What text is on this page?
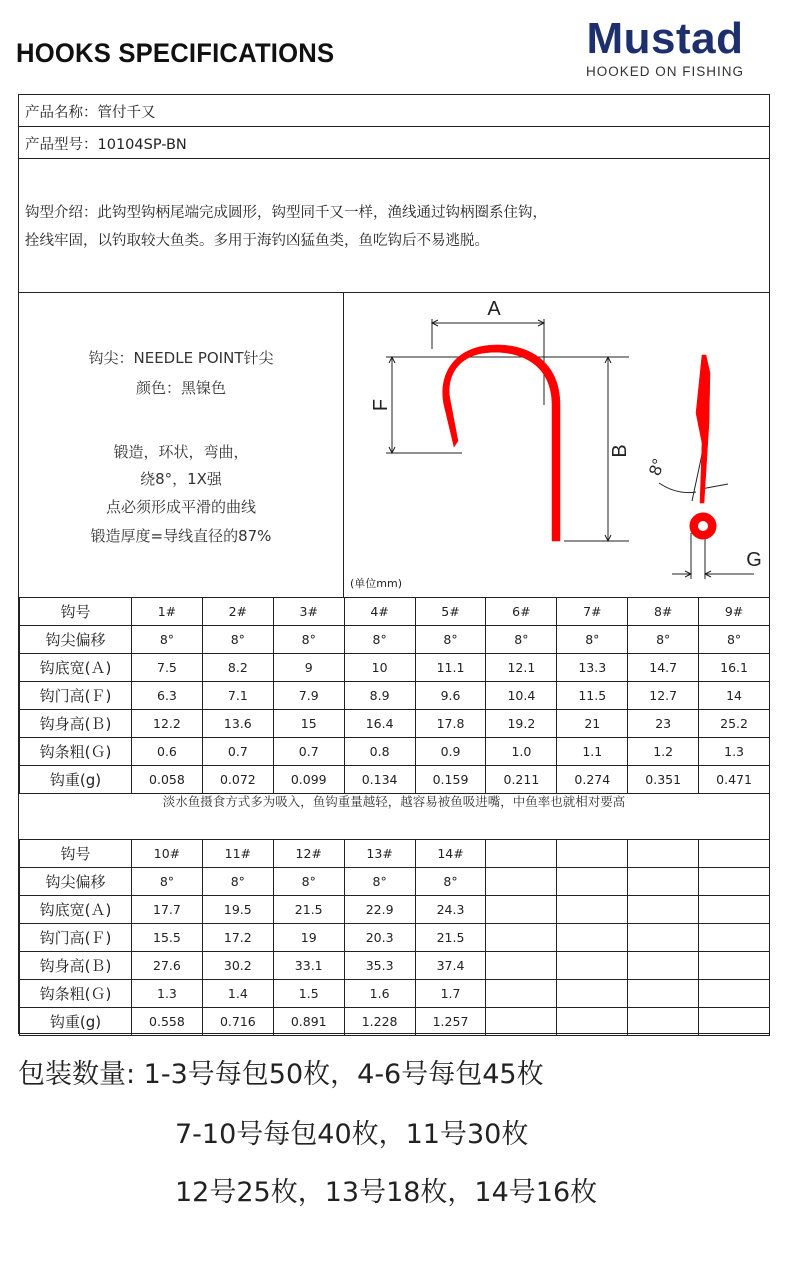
HOOKS SPECIFICATIONS	Mustad
HOOKED ON FISHING
产品名称：管付千又
产品型号：10104SP-BN
钩型介绍：此钩型钩柄尾端完成圆形，钩型同千又一样，渔线通过钩柄圈系住钩，
拴线牢固，以钓取较大鱼类。多用于海钓凶猛鱼类，鱼吃钩后不易逃脱。
钩尖：NEEDLE POINT针尖
颜色：黑镍色
锻造，环状，弯曲，
绕8°，1X强
点必须形成平滑的曲线
锻造厚度=导线直径的87%
A
B
F
G
8°
(单位mm)
钩号	1#	2#	3#	4#	5#	6#	7#	8#	9#
钩尖偏移	8°	8°	8°	8°	8°	8°	8°	8°	8°
钩底宽(Ａ)	7.5	8.2	9	10	11.1	12.1	13.3	14.7	16.1
钩门高(Ｆ)	6.3	7.1	7.9	8.9	9.6	10.4	11.5	12.7	14
钩身高(Ｂ)	12.2	13.6	15	16.4	17.8	19.2	21	23	25.2
钩条粗(Ｇ)	0.6	0.7	0.7	0.8	0.9	1.0	1.1	1.2	1.3
钩重(g)	0.058	0.072	0.099	0.134	0.159	0.211	0.274	0.351	0.471
淡水鱼摄食方式多为吸入，鱼钩重量越轻，越容易被鱼吸进嘴，中鱼率也就相对要高
钩号	10#	11#	12#	13#	14#				
钩尖偏移	8°	8°	8°	8°	8°				
钩底宽(Ａ)	17.7	19.5	21.5	22.9	24.3				
钩门高(Ｆ)	15.5	17.2	19	20.3	21.5				
钩身高(Ｂ)	27.6	30.2	33.1	35.3	37.4				
钩条粗(Ｇ)	1.3	1.4	1.5	1.6	1.7				
钩重(g)	0.558	0.716	0.891	1.228	1.257				
包装数量: 1-3号每包50枚，4-6号每包45枚
7-10号每包40枚，11号30枚
12号25枚，13号18枚，14号16枚
